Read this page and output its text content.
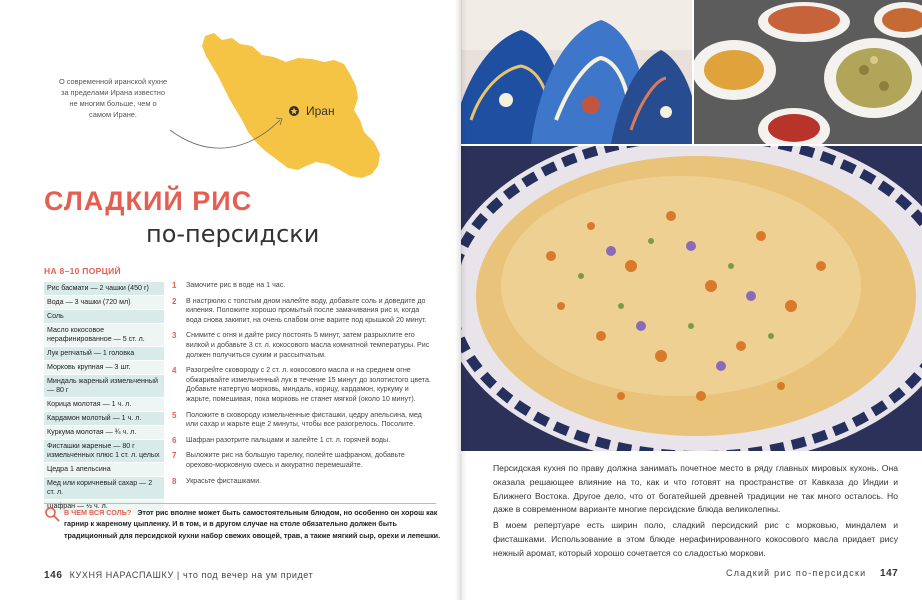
О современной иранской кухне за пределами Ирана известно не многим больше, чем о самом Иране.	Иран
СЛАДКИЙ РИС
по-персидски
НА 8–10 ПОРЦИЙ
Рис басмати — 2 чашки (450 г)
Вода — 3 чашки (720 мл)
Соль
Масло кокосовое нерафинированное — 5 ст. л.
Лук репчатый — 1 головка
Морковь крупная — 3 шт.
Миндаль жареный измельченный — 80 г
Корица молотая — 1 ч. л.
Кардамон молотый — 1 ч. л.
Куркума молотая — ¾ ч. л.
Фисташки жареные — 80 г измельченных плюс 1 ст. л. целых
Цедра 1 апельсина
Мед или коричневый сахар — 2 ст. л.
Шафран — ½ ч. л.
1	Замочите рис в воде на 1 час.
2	В настрюлю с толстым дном налейте воду, добавьте соль и доведите до кипения. Положите хорошо промытый после замачивания рис и, когда вода снова закипит, на очень слабом огне варите под крышкой 20 минут.
3	Снимите с огня и дайте рису постоять 5 минут, затем разрыхлите его вилкой и добавьте 3 ст. л. кокосового масла комнатной температуры. Рис должен получиться сухим и рассыпчатым.
4	Разогрейте сковороду с 2 ст. л. кокосового масла и на среднем огне обжаривайте измельченный лук в течение 15 минут до золотистого цвета. Добавьте натертую морковь, миндаль, корицу, кардамон, куркуму и жарьте, помешивая, пока морковь не станет мягкой (около 10 минут).
5	Положите в сковороду измельченные фисташки, цедру апельсина, мед или сахар и жарьте еще 2 минуты, чтобы все разогрелось. Посолите.
6	Шафран разотрите пальцами и залейте 1 ст. л. горячей воды.
7	Выложите рис на большую тарелку, полейте шафраном, добавьте орехово-морковную смесь и аккуратно перемешайте.
8	Украсьте фисташками.
В ЧЕМ ВСЯ СОЛЬ? Этот рис вполне может быть самостоятельным блюдом, но особенно он хорош как гарнир к жареному цыпленку. И в том, и в другом случае на столе обязательно должен быть традиционный для персидской кухни набор свежих овощей, трав, а также мягкий сыр, орехи и лепешки.
146 КУХНЯ НАРАСПАШКУ | что под вечер на ум придет

Персидская кухня по праву должна занимать почетное место в ряду главных мировых кухонь. Она оказала решающее влияние на то, как и что готовят на пространстве от Кавказа до Индии и Ближнего Востока. Другое дело, что от богатейшей древней традиции не так много осталось. Но даже в современном варианте многие персидские блюда великолепны.

В моем репертуаре есть ширин поло, сладкий персидский рис с морковью, миндалем и фисташками. Использование в этом блюде нерафинированного кокосового масла придает рису нежный аромат, который хорошо сочетается со сладостью моркови.

Сладкий рис по-персидски 147
